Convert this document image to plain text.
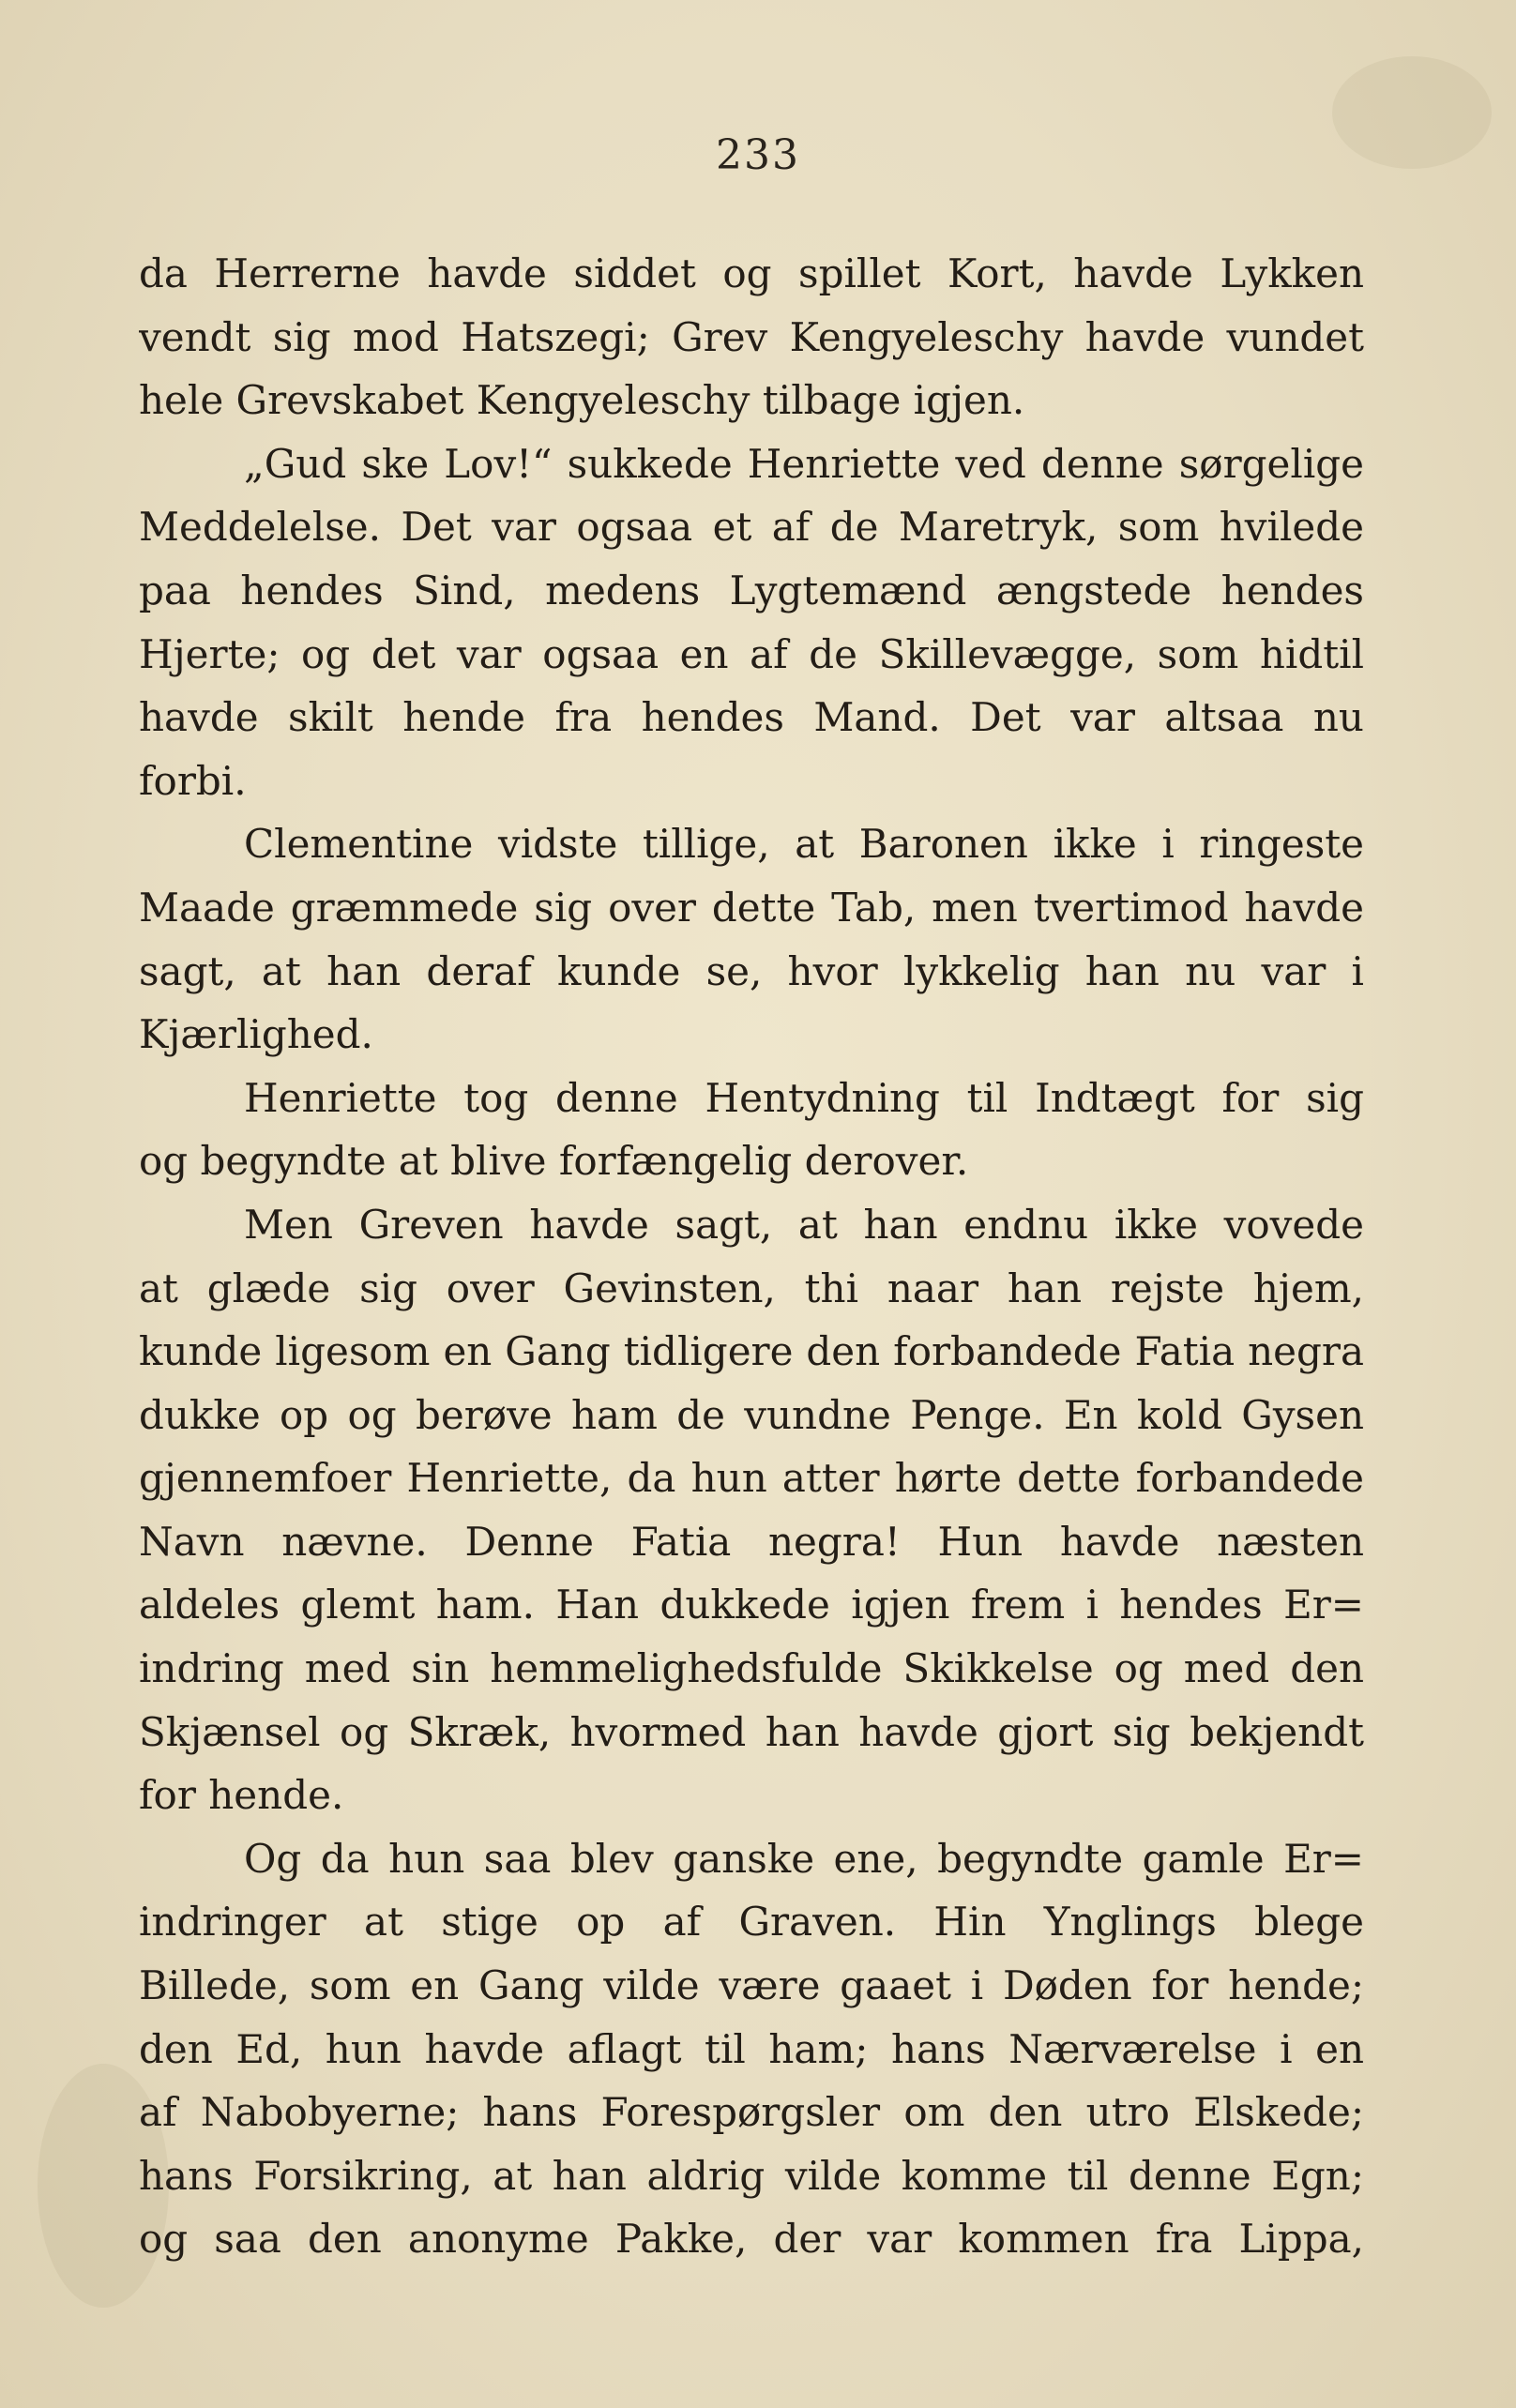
233
da Herrerne havde siddet og spillet Kort, havde Lykken
vendt sig mod Hatszegi; Grev Kengyeleschy havde vundet
hele Grevskabet Kengyeleschy tilbage igjen.
„Gud ske Lov!“ sukkede Henriette ved denne sørgelige
Meddelelse. Det var ogsaa et af de Maretryk, som hvilede
paa hendes Sind, medens Lygtemænd ængstede hendes
Hjerte; og det var ogsaa en af de Skillevægge, som hidtil
havde skilt hende fra hendes Mand. Det var altsaa nu
forbi.
Clementine vidste tillige, at Baronen ikke i ringeste
Maade græmmede sig over dette Tab, men tvertimod havde
sagt, at han deraf kunde se, hvor lykkelig han nu var i
Kjærlighed.
Henriette tog denne Hentydning til Indtægt for sig
og begyndte at blive forfængelig derover.
Men Greven havde sagt, at han endnu ikke vovede
at glæde sig over Gevinsten, thi naar han rejste hjem,
kunde ligesom en Gang tidligere den forbandede Fatia negra
dukke op og berøve ham de vundne Penge. En kold Gysen
gjennemfoer Henriette, da hun atter hørte dette forbandede
Navn nævne. Denne Fatia negra! Hun havde næsten
aldeles glemt ham. Han dukkede igjen frem i hendes Er=
indring med sin hemmelighedsfulde Skikkelse og med den
Skjænsel og Skræk, hvormed han havde gjort sig bekjendt
for hende.
Og da hun saa blev ganske ene, begyndte gamle Er=
indringer at stige op af Graven. Hin Ynglings blege
Billede, som en Gang vilde være gaaet i Døden for hende;
den Ed, hun havde aflagt til ham; hans Nærværelse i en
af Nabobyerne; hans Forespørgsler om den utro Elskede;
hans Forsikring, at han aldrig vilde komme til denne Egn;
og saa den anonyme Pakke, der var kommen fra Lippa,
